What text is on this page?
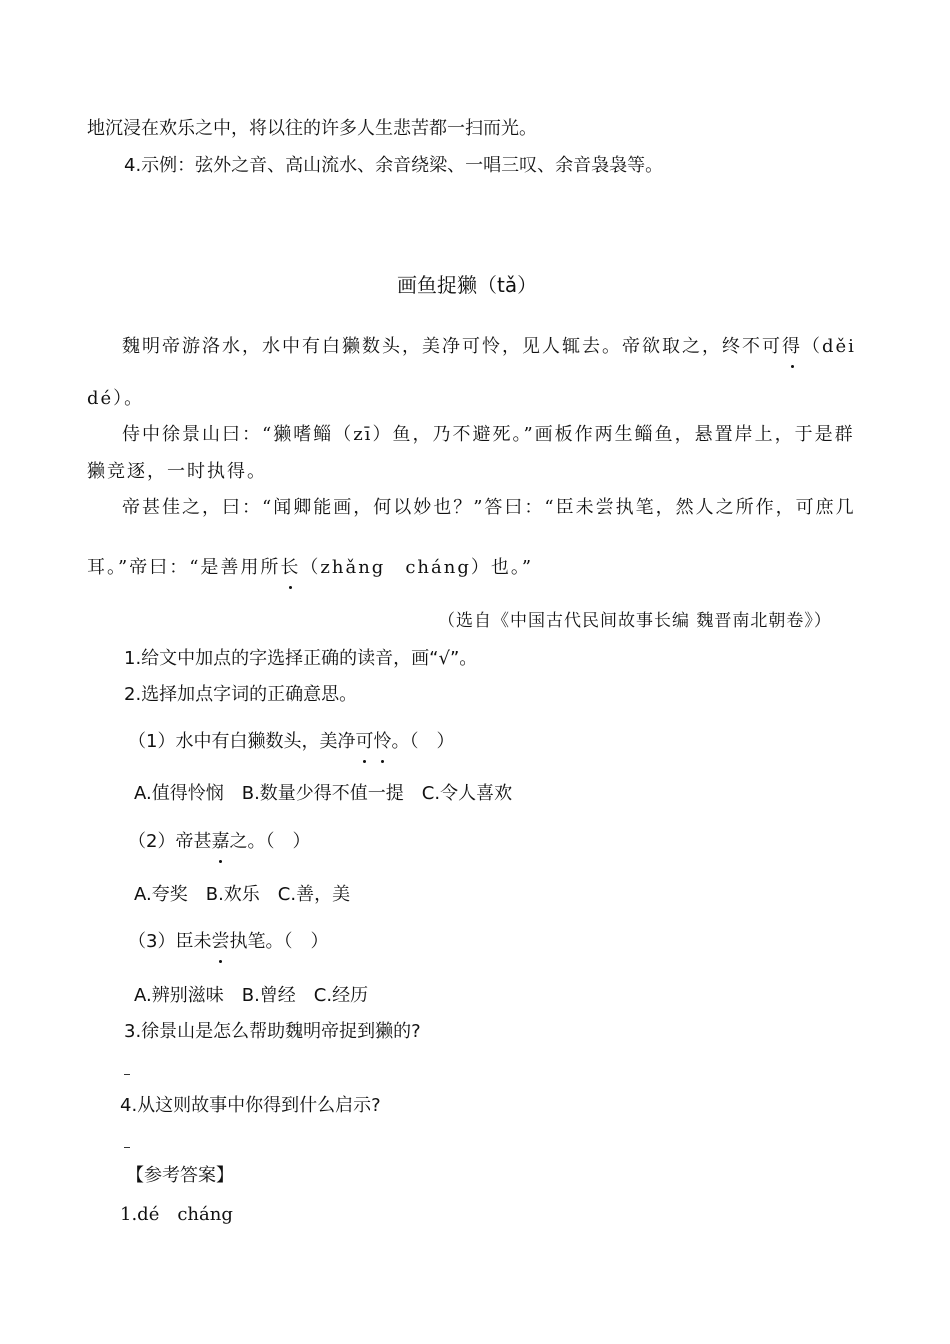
地沉浸在欢乐之中，将以往的许多人生悲苦都一扫而光。
4.示例：弦外之音、高山流水、余音绕梁、一唱三叹、余音袅袅等。
画鱼捉獭（tǎ）
魏明帝游洛水，水中有白獭数头，美净可怜，见人辄去。帝欲取之，终不可得（děi
dé）。
侍中徐景山曰：“獭嗜鲻（zī）鱼，乃不避死。”画板作两生鲻鱼，悬置岸上，于是群
獭竞逐，一时执得。
帝甚佳之，曰：“闻卿能画，何以妙也？”答曰：“臣未尝执笔，然人之所作，可庶几
耳。”帝曰：“是善用所长（zhǎng　cháng）也。”
（选自《中国古代民间故事长编 魏晋南北朝卷》）
1.给文中加点的字选择正确的读音，画“√”。
2.选择加点字词的正确意思。
（1）水中有白獭数头，美净可怜。（　）
A.值得怜悯　B.数量少得不值一提　C.令人喜欢
（2）帝甚嘉之。（　）
A.夸奖　B.欢乐　C.善，美
（3）臣未尝执笔。（　）
A.辨别滋味　B.曾经　C.经历
3.徐景山是怎么帮助魏明帝捉到獭的?
4.从这则故事中你得到什么启示?
【参考答案】
1.dé　cháng
